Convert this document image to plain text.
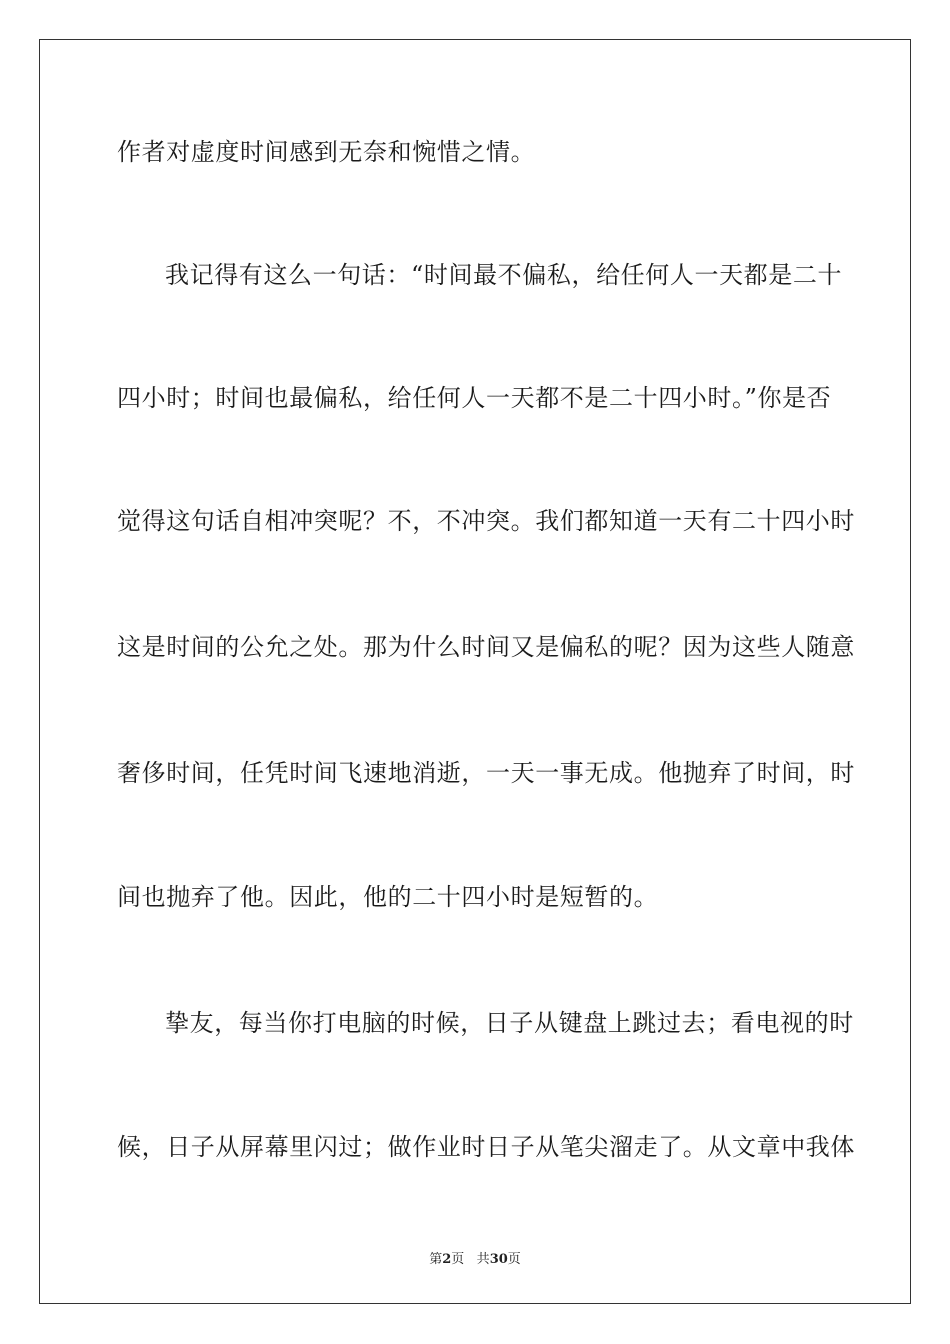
作者对虚度时间感到无奈和惋惜之情。
我记得有这么一句话：“时间最不偏私，给任何人一天都是二十
四小时；时间也最偏私，给任何人一天都不是二十四小时。”你是否
觉得这句话自相冲突呢？不，不冲突。我们都知道一天有二十四小时
这是时间的公允之处。那为什么时间又是偏私的呢？因为这些人随意
奢侈时间，任凭时间飞速地消逝，一天一事无成。他抛弃了时间，时
间也抛弃了他。因此，他的二十四小时是短暂的。
挚友，每当你打电脑的时候，日子从键盘上跳过去；看电视的时
候，日子从屏幕里闪过；做作业时日子从笔尖溜走了。从文章中我体
第2页 共30页
